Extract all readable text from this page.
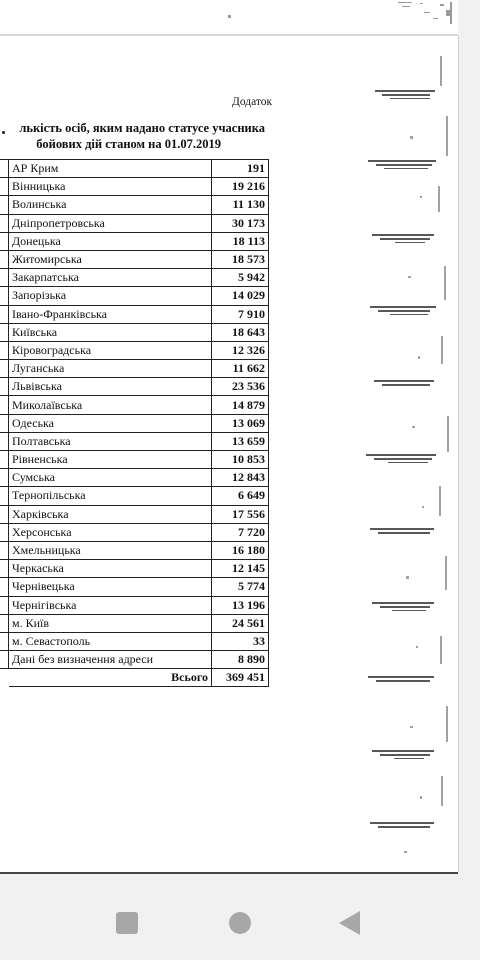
Додаток
лькість осіб, яким надано статусе учасника
бойових дій станом на 01.07.2019
	АР Крим	191
	Вінницька	19 216
	Волинська	11 130
	Дніпропетровська	30 173
	Донецька	18 113
	Житомирська	18 573
	Закарпатська	5 942
	Запорізька	14 029
	Івано-Франківська	7 910
	Київська	18 643
	Кіровоградська	12 326
	Луганська	11 662
	Львівська	23 536
	Миколаївська	14 879
	Одеська	13 069
	Полтавська	13 659
	Рівненська	10 853
	Сумська	12 843
	Тернопільська	6 649
	Харківська	17 556
	Херсонська	7 720
	Хмельницька	16 180
	Черкаська	12 145
	Чернівецька	5 774
	Чернігівська	13 196
	м. Київ	24 561
	м. Севастополь	33
	Дані без визначення адреси	8 890
	Всього	369 451
